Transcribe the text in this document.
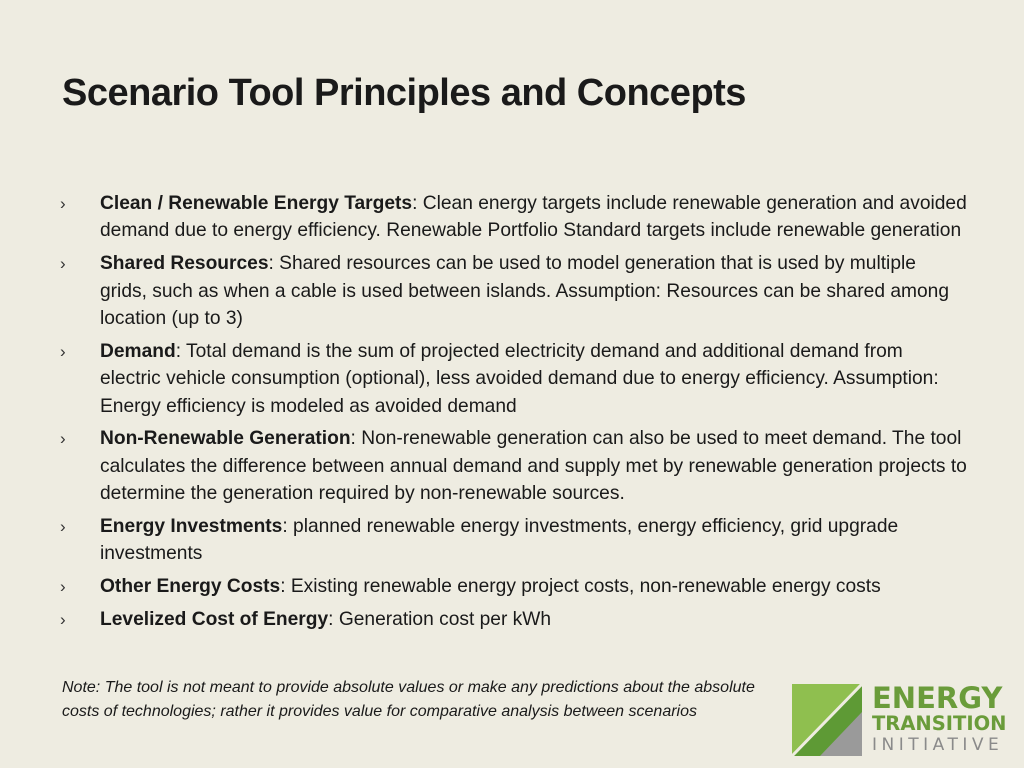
Scenario Tool Principles and Concepts
› Clean / Renewable Energy Targets: Clean energy targets include renewable generation and avoided demand due to energy efficiency. Renewable Portfolio Standard targets include renewable generation
› Shared Resources: Shared resources can be used to model generation that is used by multiple grids, such as when a cable is used between islands. Assumption: Resources can be shared among location (up to 3)
› Demand: Total demand is the sum of projected electricity demand and additional demand from electric vehicle consumption (optional), less avoided demand due to energy efficiency. Assumption: Energy efficiency is modeled as avoided demand
› Non-Renewable Generation: Non-renewable generation can also be used to meet demand. The tool calculates the difference between annual demand and supply met by renewable generation projects to determine the generation required by non-renewable sources.
› Energy Investments: planned renewable energy investments, energy efficiency, grid upgrade investments
› Other Energy Costs: Existing renewable energy project costs, non-renewable energy costs
› Levelized Cost of Energy: Generation cost per kWh
Note: The tool is not meant to provide absolute values or make any predictions about the absolute costs of technologies; rather it provides value for comparative analysis between scenarios	ENERGY
TRANSITION
INITIATIVE
